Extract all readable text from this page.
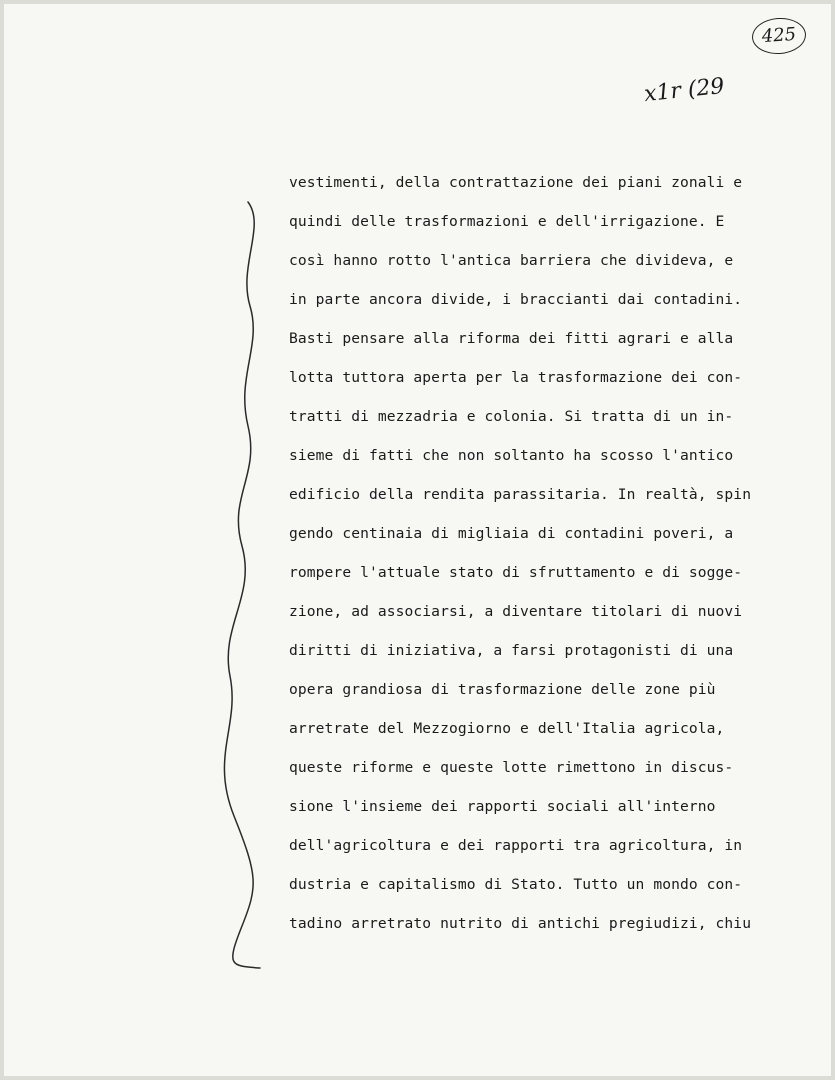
425
x1r (29
vestimenti, della contrattazione dei piani zonali e
quindi delle trasformazioni e dell'irrigazione. E
così hanno rotto l'antica barriera che divideva, e
in parte ancora divide, i braccianti dai contadini.
Basti pensare alla riforma dei fitti agrari e alla
lotta tuttora aperta per la trasformazione dei con-
tratti di mezzadria e colonia. Si tratta di un in-
sieme di fatti che non soltanto ha scosso l'antico
edificio della rendita parassitaria. In realtà, spin
gendo centinaia di migliaia di contadini poveri, a
rompere l'attuale stato di sfruttamento e di sogge-
zione, ad associarsi, a diventare titolari di nuovi
diritti di iniziativa, a farsi protagonisti di una
opera grandiosa di trasformazione delle zone più
arretrate del Mezzogiorno e dell'Italia agricola,
queste riforme e queste lotte rimettono in discus-
sione l'insieme dei rapporti sociali all'interno
dell'agricoltura e dei rapporti tra agricoltura, in
dustria e capitalismo di Stato. Tutto un mondo con-
tadino arretrato nutrito di antichi pregiudizi, chiu
